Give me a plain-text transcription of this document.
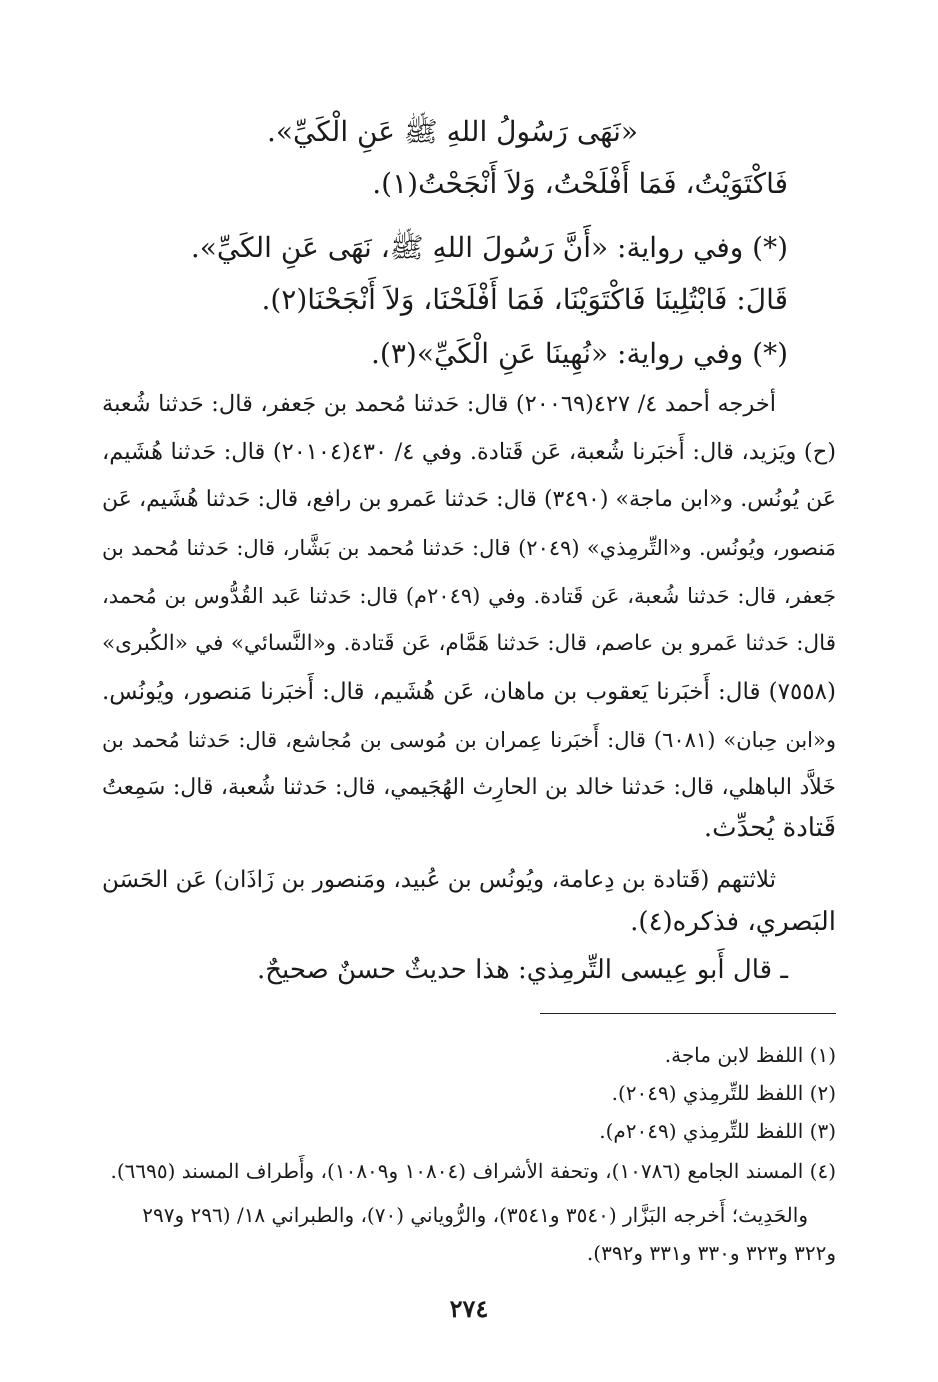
«نَهَى رَسُولُ اللهِ ﷺ عَنِ الْكَيِّ».
فَاكْتَوَيْتُ، فَمَا أَفْلَحْتُ، وَلاَ أَنْجَحْتُ(١).
(*) وفي رواية: «أَنَّ رَسُولَ اللهِ ﷺ، نَهَى عَنِ الكَيِّ».
قَالَ: فَابْتُلِينَا فَاكْتَوَيْنَا، فَمَا أَفْلَحْنَا، وَلاَ أَنْجَحْنَا(٢).
(*) وفي رواية: «نُهِينَا عَنِ الْكَيِّ»(٣).
أخرجه أحمد ٤/ ٤٢٧(٢٠٠٦٩) قال: حَدثنا مُحمد بن جَعفر، قال: حَدثنا شُعبة
(ح) ويَزيد، قال: أَخبَرنا شُعبة، عَن قَتادة. وفي ٤/ ٤٣٠(٢٠١٠٤) قال: حَدثنا هُشَيم،
عَن يُونُس. و«ابن ماجة» (٣٤٩٠) قال: حَدثنا عَمرو بن رافع، قال: حَدثنا هُشَيم، عَن
مَنصور، ويُونُس. و«التِّرمِذي» (٢٠٤٩) قال: حَدثنا مُحمد بن بَشَّار، قال: حَدثنا مُحمد بن
جَعفر، قال: حَدثنا شُعبة، عَن قَتادة. وفي (٢٠٤٩م) قال: حَدثنا عَبد القُدُّوس بن مُحمد،
قال: حَدثنا عَمرو بن عاصم، قال: حَدثنا هَمَّام، عَن قَتادة. و«النَّسائي» في «الكُبرى»
(٧٥٥٨) قال: أَخبَرنا يَعقوب بن ماهان، عَن هُشَيم، قال: أَخبَرنا مَنصور، ويُونُس.
و«ابن حِبان» (٦٠٨١) قال: أَخبَرنا عِمران بن مُوسى بن مُجاشع، قال: حَدثنا مُحمد بن
خَلاَّد الباهلي، قال: حَدثنا خالد بن الحارِث الهُجَيمي، قال: حَدثنا شُعبة، قال: سَمِعتُ
قَتادة يُحدِّث.
ثلاثتهم (قَتادة بن دِعامة، ويُونُس بن عُبيد، ومَنصور بن زَاذَان) عَن الحَسَن
البَصري، فذكره(٤).
ـ قال أَبو عِيسى التِّرمِذي: هذا حديثٌ حسنٌ صحيحٌ.
(١) اللفظ لابن ماجة.
(٢) اللفظ للتِّرمِذي (٢٠٤٩).
(٣) اللفظ للتِّرمِذي (٢٠٤٩م).
(٤) المسند الجامع (١٠٧٨٦)، وتحفة الأشراف (١٠٨٠٤ و١٠٨٠٩)، وأَطراف المسند (٦٦٩٥).
والحَدِيث؛ أَخرجه البَزَّار (٣٥٤٠ و٣٥٤١)، والرُّوياني (٧٠)، والطبراني ١٨/ (٢٩٦ و٢٩٧
و٣٢٢ و٣٢٣ و٣٣٠ و٣٣١ و٣٩٢).
٢٧٤
